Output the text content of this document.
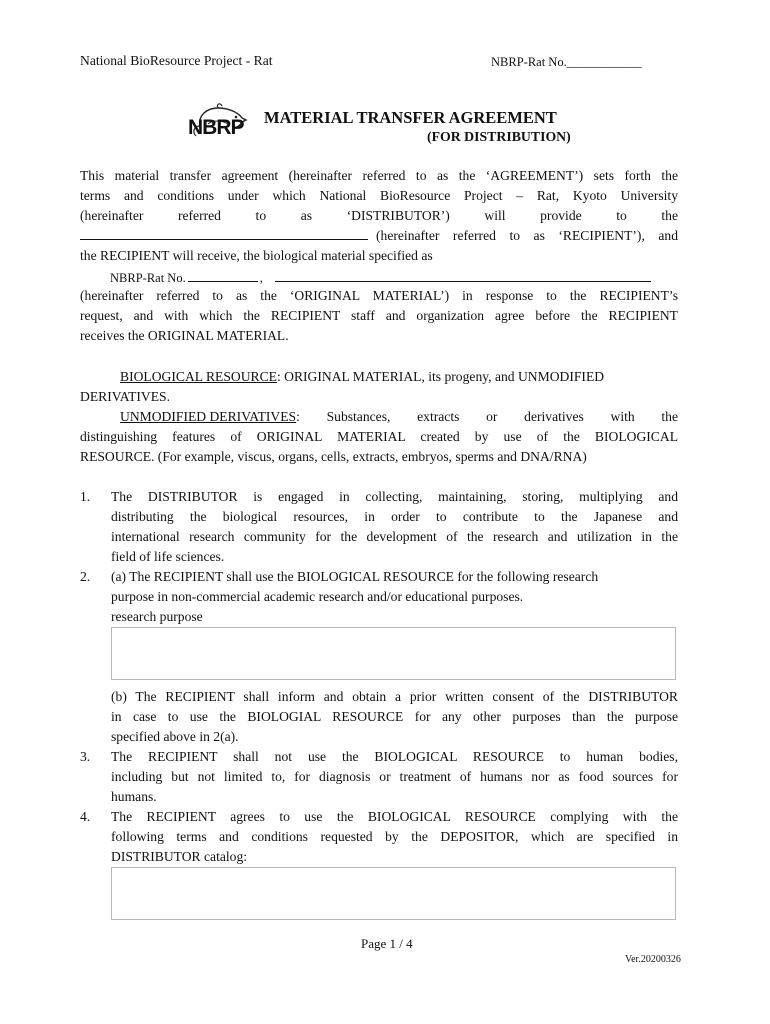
National BioResource Project - Rat	NBRP-Rat No.____________
NBRP MATERIAL TRANSFER AGREEMENT
(FOR DISTRIBUTION)
This material transfer agreement (hereinafter referred to as the ‘AGREEMENT’) sets forth the
terms and conditions under which National BioResource Project – Rat, Kyoto University
(hereinafter referred to as ‘DISTRIBUTOR’) will provide to the
(hereinafter referred to as ‘RECIPIENT’), and
the RECIPIENT will receive, the biological material specified as
NBRP-Rat No.	,
(hereinafter referred to as the ‘ORIGINAL MATERIAL’) in response to the RECIPIENT’s
request, and with which the RECIPIENT staff and organization agree before the RECIPIENT
receives the ORIGINAL MATERIAL.
BIOLOGICAL RESOURCE: ORIGINAL MATERIAL, its progeny, and UNMODIFIED
DERIVATIVES.
UNMODIFIED DERIVATIVES : Substances, extracts or derivatives with the
distinguishing features of ORIGINAL MATERIAL created by use of the BIOLOGICAL
RESOURCE. (For example, viscus, organs, cells, extracts, embryos, sperms and DNA/RNA)
1.	The DISTRIBUTOR is engaged in collecting, maintaining, storing, multiplying and
distributing the biological resources, in order to contribute to the Japanese and
international research community for the development of the research and utilization in the
field of life sciences.
2.	(a) The RECIPIENT shall use the BIOLOGICAL RESOURCE for the following research
purpose in non-commercial academic research and/or educational purposes.
research purpose
(b) The RECIPIENT shall inform and obtain a prior written consent of the DISTRIBUTOR
in case to use the BIOLOGIAL RESOURCE for any other purposes than the purpose
specified above in 2(a).
3.	The RECIPIENT shall not use the BIOLOGICAL RESOURCE to human bodies,
including but not limited to, for diagnosis or treatment of humans nor as food sources for
humans.
4.	The RECIPIENT agrees to use the BIOLOGICAL RESOURCE complying with the
following terms and conditions requested by the DEPOSITOR, which are specified in
DISTRIBUTOR catalog:
Page 1 / 4
Ver.20200326
